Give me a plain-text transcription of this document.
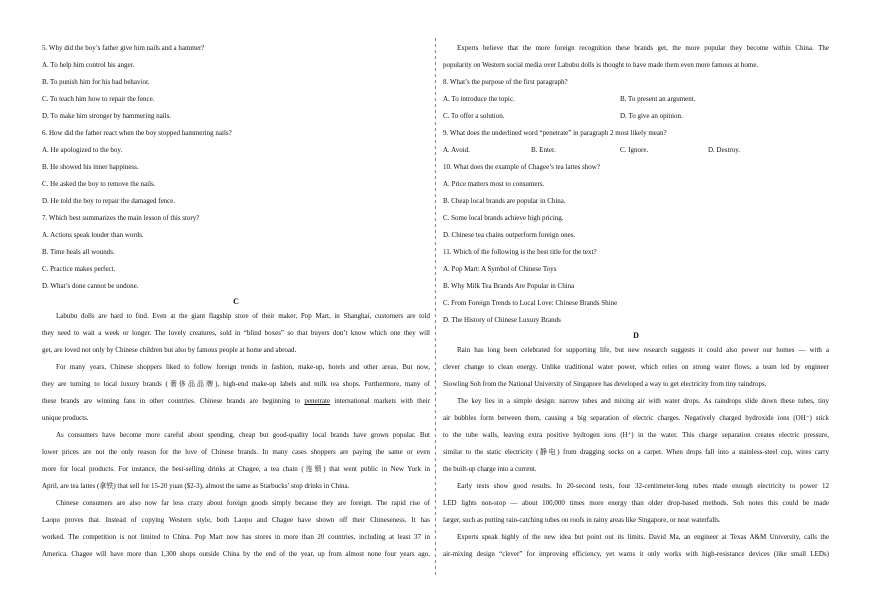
5. Why did the boy’s father give him nails and a hammer?
A. To help him control his anger.
B. To punish him for his bad behavior.
C. To teach him how to repair the fence.
D. To make him stronger by hammering nails.
6. How did the father react when the boy stopped hammering nails?
A. He apologized to the boy.
B. He showed his inner happiness.
C. He asked the boy to remove the nails.
D. He told the boy to repair the damaged fence.
7. Which best summarizes the main lesson of this story?
A. Actions speak louder than words.
B. Time heals all wounds.
C. Practice makes perfect.
D. What’s done cannot be undone.
C
Labubu dolls are hard to find. Even at the giant flagship store of their maker, Pop Mart, in Shanghai, customers are told
they need to wait a week or longer. The lovely creatures, sold in “blind boxes” so that buyers don’t know which one they will
get, are loved not only by Chinese children but also by famous people at home and abroad.
For many years, Chinese shoppers liked to follow foreign trends in fashion, make-up, hotels and other areas. But now,
they are turning to local luxury brands (奢侈品品牌), high-end make-up labels and milk tea shops. Furthermore, many of
these brands are winning fans in other countries. Chinese brands are beginning to penetrate international markets with their
unique products.
As consumers have become more careful about spending, cheap but good-quality local brands have grown popular. But
lower prices are not the only reason for the love of Chinese brands. In many cases shoppers are paying the same or even
more for local products. For instance, the best-selling drinks at Chagee, a tea chain (连锁) that went public in New York in
April, are tea lattes (拿铁) that sell for 15-20 yuan ($2-3), almost the same as Starbucks’ stop drinks in China.
Chinese consumers are also now far less crazy about foreign goods simply because they are foreign. The rapid rise of
Laopu proves that. Instead of copying Western style, both Laopu and Chagee have shown off their Chineseness. It has
worked. The competition is not limited to China. Pop Mart now has stores in more than 20 countries, including at least 37 in
America. Chagee will have more than 1,300 shops outside China by the end of the year, up from almost none four years ago.
Experts believe that the more foreign recognition these brands get, the more popular they become within China. The
popularity on Western social media over Labubu dolls is thought to have made them even more famous at home.
8. What’s the purpose of the first paragraph?
A. To introduce the topic.	B. To present an argument.
C. To offer a solution.	D. To give an opinion.
9. What does the underlined word “penetrate” in paragraph 2 most likely mean?
A. Avoid.	B. Enter.	C. Ignore.	D. Destroy.
10. What does the example of Chagee’s tea lattes show?
A. Price matters most to consumers.
B. Cheap local brands are popular in China.
C. Some local brands achieve high pricing.
D. Chinese tea chains outperform foreign ones.
11. Which of the following is the best title for the text?
A. Pop Mart: A Symbol of Chinese Toys
B. Why Milk Tea Brands Are Popular in China
C. From Foreign Trends to Local Love: Chinese Brands Shine
D. The History of Chinese Luxury Brands
D
Rain has long been celebrated for supporting life, but new research suggests it could also power our homes — with a
clever change to clean energy. Unlike traditional water power, which relies on strong water flows, a team led by engineer
Siowling Soh from the National University of Singapore has developed a way to get electricity from tiny raindrops.
The key lies in a simple design: narrow tubes and mixing air with water drops. As raindrops slide down these tubes, tiny
air bubbles form between them, causing a big separation of electric charges. Negatively charged hydroxide ions (OH⁻) stick
to the tube walls, leaving extra positive hydrogen ions (H⁺) in the water. This charge separation creates electric pressure,
similar to the static electricity (静电) from dragging socks on a carpet. When drops fall into a stainless-steel cup, wires carry
the built-up charge into a current.
Early tests show good results. In 20-second tests, four 32-centimeter-long tubes made enough electricity to power 12
LED lights non-stop — about 100,000 times more energy than older drop-based methods. Soh notes this could be made
larger, such as putting rain-catching tubes on roofs in rainy areas like Singapore, or near waterfalls.
Experts speak highly of the new idea but point out its limits. David Ma, an engineer at Texas A&M University, calls the
air-mixing design “clever” for improving efficiency, yet warns it only works with high-resistance devices (like small LEDs)
